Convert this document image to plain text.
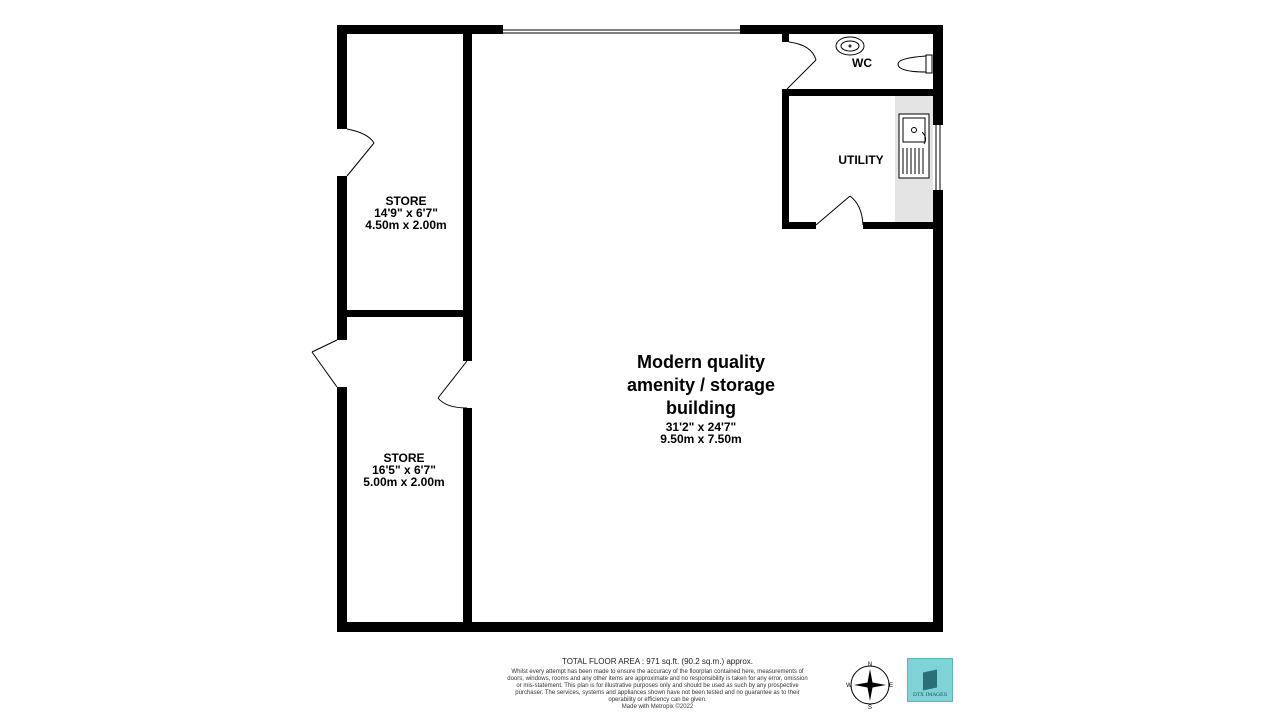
STORE
14'9" x 6'7"
4.50m x 2.00m
STORE
16'5" x 6'7"
5.00m x 2.00m
Modern quality
amenity / storage
building
31'2" x 24'7"
9.50m x 7.50m
WC
UTILITY
TOTAL FLOOR AREA : 971 sq.ft. (90.2 sq.m.) approx.
Whilst every attempt has been made to ensure the accuracy of the floorplan contained here, measurements of doors, windows, rooms and any other items are approximate and no responsibility is taken for any error, omission or mis-statement. This plan is for illustrative purposes only and should be used as such by any prospective purchaser. The services, systems and appliances shown have not been tested and no guarantee as to their operability or efficiency can be given.
Made with Metropix ©2022
N
E
S
W
DTX IMAGES
